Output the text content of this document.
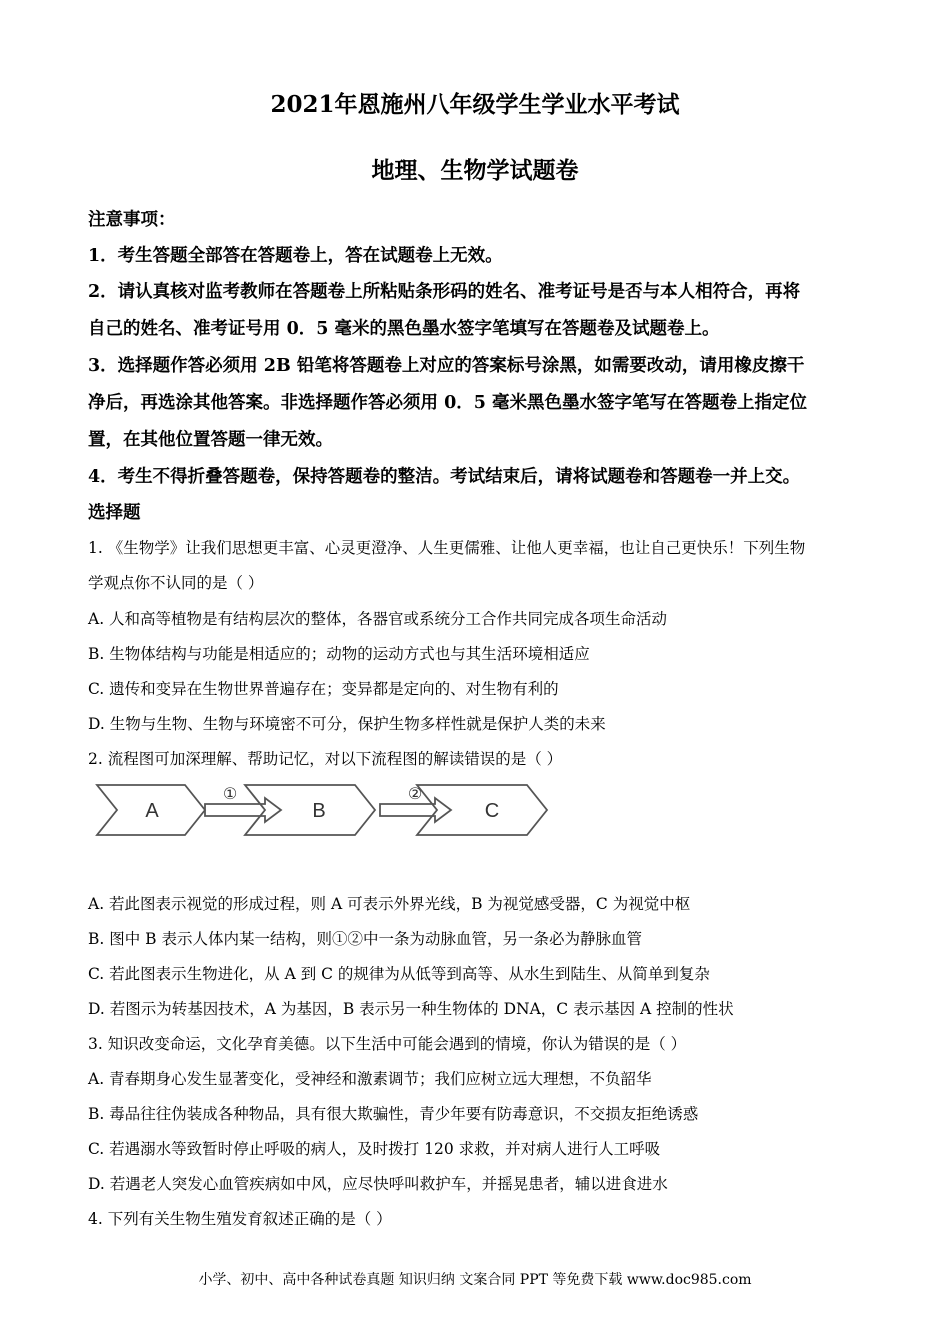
2021年恩施州八年级学生学业水平考试
地理、生物学试题卷

注意事项：

1．考生答题全部答在答题卷上，答在试题卷上无效。

2．请认真核对监考教师在答题卷上所粘贴条形码的姓名、准考证号是否与本人相符合，再将

自己的姓名、准考证号用 0．5 毫米的黑色墨水签字笔填写在答题卷及试题卷上。

3．选择题作答必须用 2B 铅笔将答题卷上对应的答案标号涂黑，如需要改动，请用橡皮擦干

净后，再选涂其他答案。非选择题作答必须用 0．5 毫米黑色墨水签字笔写在答题卷上指定位

置，在其他位置答题一律无效。

4．考生不得折叠答题卷，保持答题卷的整洁。考试结束后，请将试题卷和答题卷一并上交。

选择题

1. 《生物学》让我们思想更丰富、心灵更澄净、人生更儒雅、让他人更幸福，也让自己更快乐！下列生物

学观点你不认同的是（ ）

A. 人和高等植物是有结构层次的整体，各器官或系统分工合作共同完成各项生命活动

B. 生物体结构与功能是相适应的；动物的运动方式也与其生活环境相适应

C. 遗传和变异在生物世界普遍存在；变异都是定向的、对生物有利的

D. 生物与生物、生物与环境密不可分，保护生物多样性就是保护人类的未来

2. 流程图可加深理解、帮助记忆，对以下流程图的解读错误的是（ ）

A	B	C
①	②

A. 若此图表示视觉的形成过程，则 A 可表示外界光线，B 为视觉感受器，C 为视觉中枢

B. 图中 B 表示人体内某一结构，则①②中一条为动脉血管，另一条必为静脉血管

C. 若此图表示生物进化，从 A 到 C 的规律为从低等到高等、从水生到陆生、从简单到复杂

D. 若图示为转基因技术，A 为基因，B 表示另一种生物体的 DNA，C 表示基因 A 控制的性状

3. 知识改变命运，文化孕育美德。以下生活中可能会遇到的情境，你认为错误的是（ ）

A. 青春期身心发生显著变化，受神经和激素调节；我们应树立远大理想，不负韶华

B. 毒品往往伪装成各种物品，具有很大欺骗性，青少年要有防毒意识，不交损友拒绝诱惑

C. 若遇溺水等致暂时停止呼吸的病人，及时拨打 120 求救，并对病人进行人工呼吸

D. 若遇老人突发心血管疾病如中风，应尽快呼叫救护车，并摇晃患者，辅以进食进水

4. 下列有关生物生殖发育叙述正确的是（ ）

小学、初中、高中各种试卷真题 知识归纳 文案合同 PPT 等免费下载 www.doc985.com
